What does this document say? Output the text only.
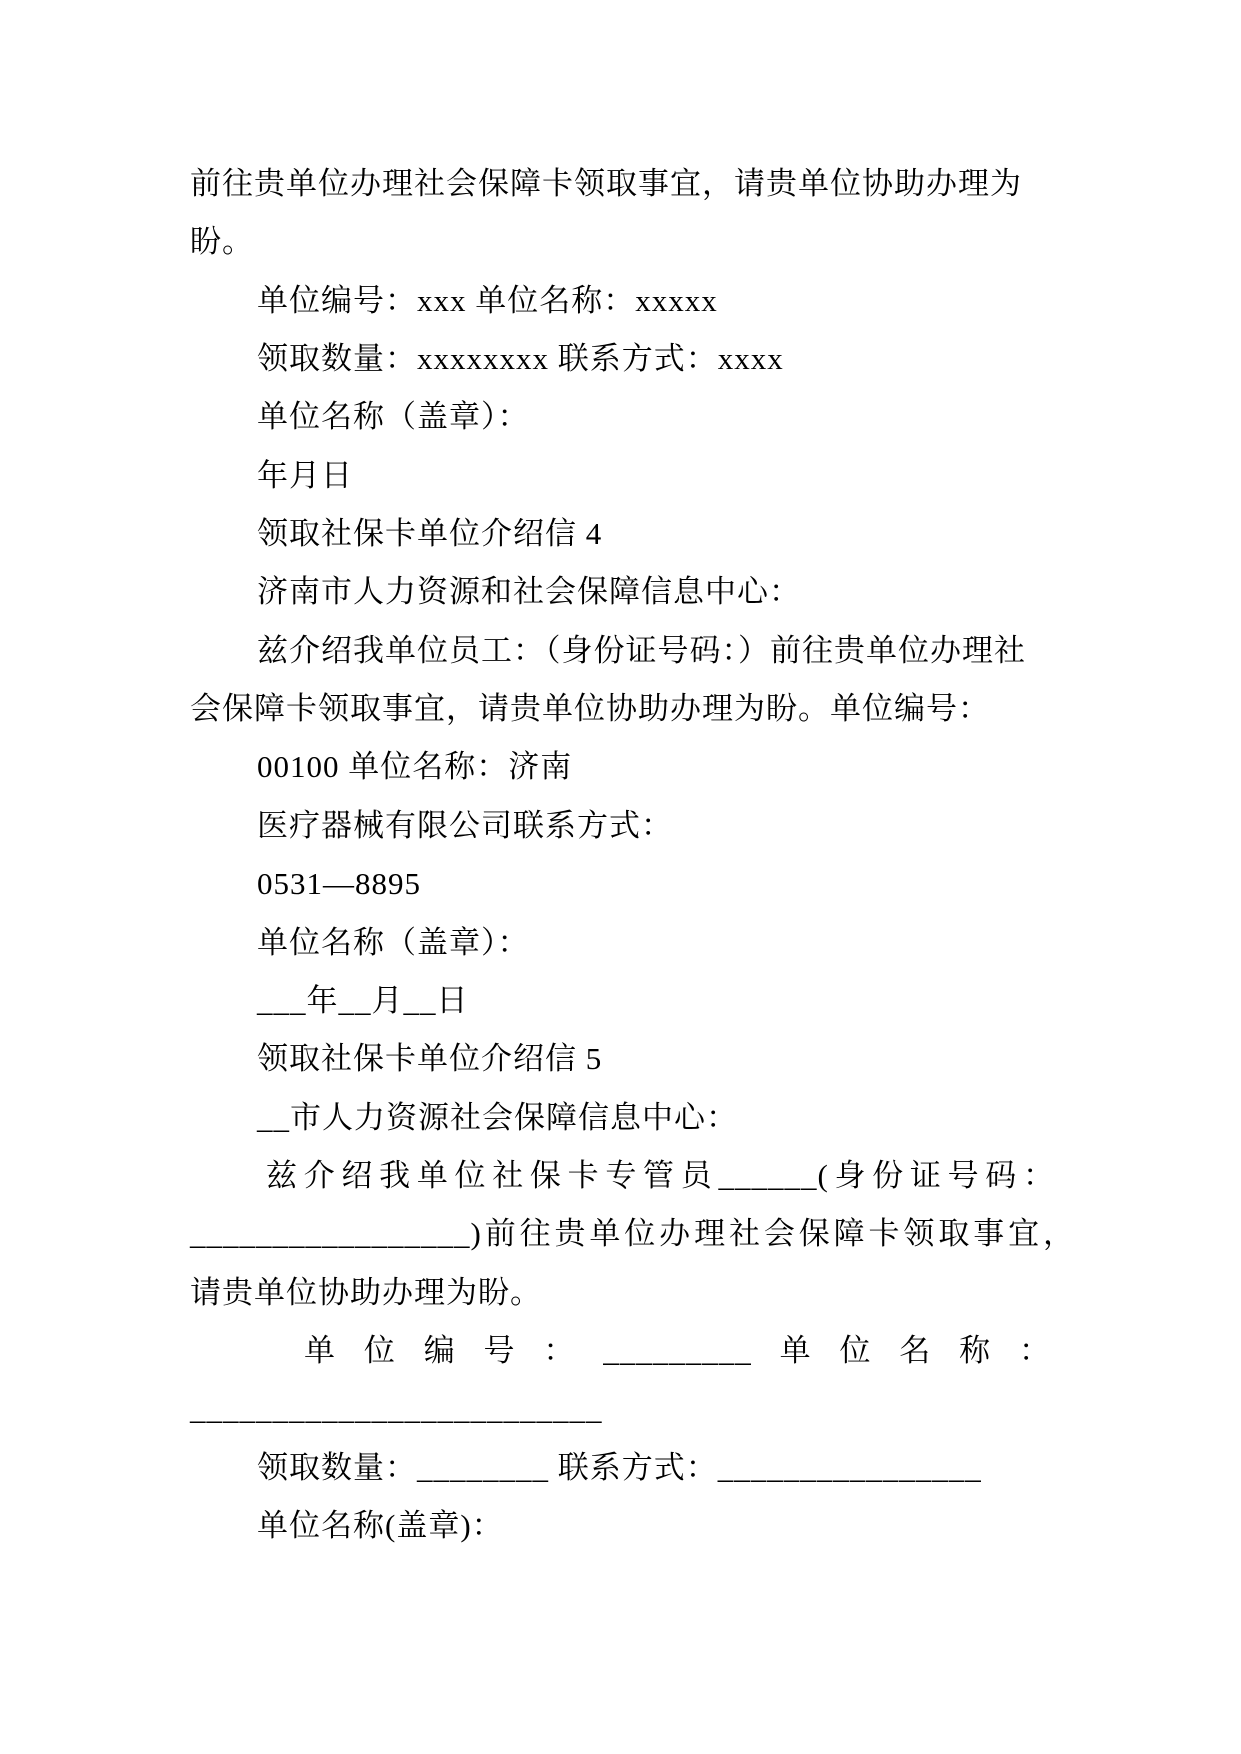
前往贵单位办理社会保障卡领取事宜，请贵单位协助办理为
盼。
单位编号：xxx 单位名称：xxxxx
领取数量：xxxxxxxx 联系方式：xxxx
单位名称（盖章）：
年月日
领取社保卡单位介绍信 4
济南市人力资源和社会保障信息中心：
兹介绍我单位员工：（身份证号码：）前往贵单位办理社
会保障卡领取事宜，请贵单位协助办理为盼。单位编号：
00100 单位名称：济南
医疗器械有限公司联系方式：
0531—8895
单位名称（盖章）：
___年__月__日
领取社保卡单位介绍信 5
__市人力资源社会保障信息中心：
兹介绍我单位社保卡专管员______(身份证号码：
_________________)前往贵单位办理社会保障卡领取事宜，
请贵单位协助办理为盼。
单位编号：_________单位名称：
_________________________
领取数量：________ 联系方式：________________
单位名称(盖章)：
